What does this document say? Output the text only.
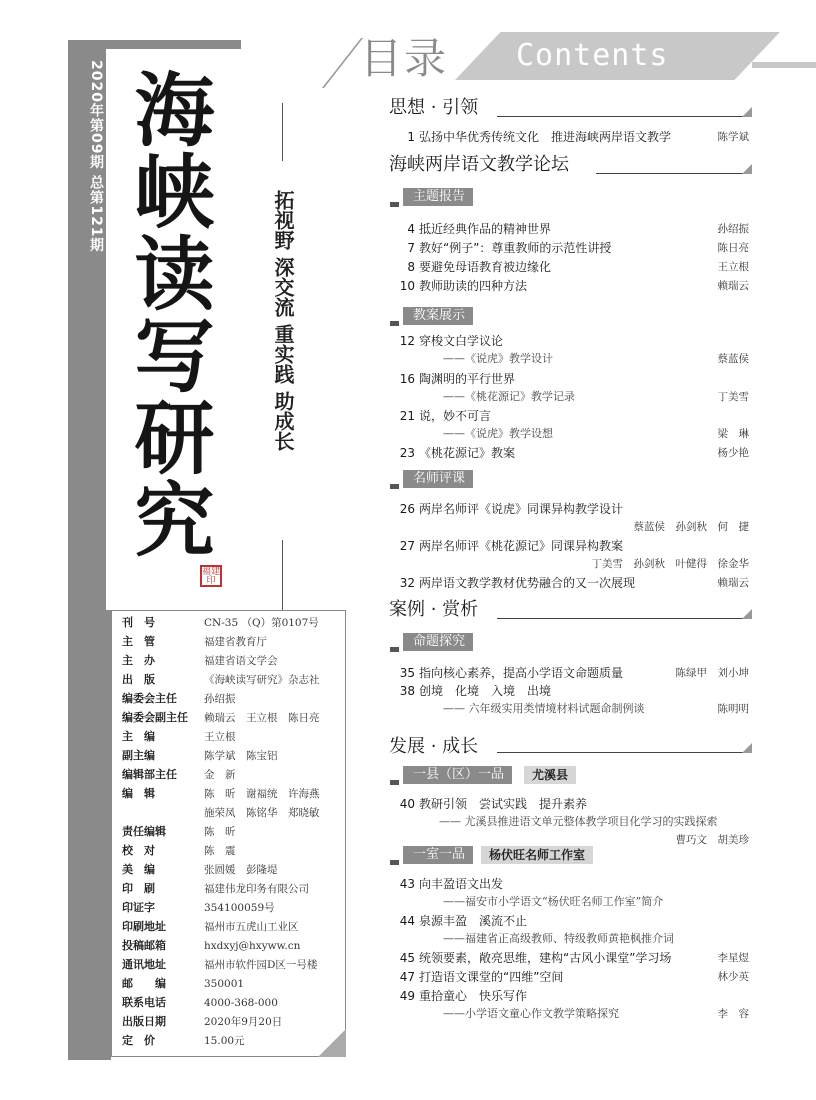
2020年第09期 总第121期 海峡读写研究
福建 印
拓视野 深交流 重实践 助成长
刊　号	CN-35 （Q）第0107号
主　管	福建省教育厅
主　办	福建省语文学会
出　版	《海峡读写研究》杂志社
编委会主任	孙绍振
编委会副主任 赖瑞云　王立根　陈日亮
主　编	王立根
副主编	陈学斌　陈宝铝
编辑部主任	金　新
编　辑	陈　昕　谢福统　许海燕
施荣凤　陈铭华　郑晓敏
责任编辑	陈　昕
校　对	陈　震
美　编	张圆媛　彭隆堤
印　刷	福建伟龙印务有限公司
印证字	354100059号
印刷地址	福州市五虎山工业区
投稿邮箱	hxdxyj@hxyww.cn
通讯地址	福州市软件园D区一号楼
邮　　编	350001
联系电话	4000-368-000
出版日期	2020年9月20日
定　价	15.00元
目录 Contents
思想 · 引领
1 弘扬中华优秀传统文化　推进海峡两岸语文教学	陈学斌
海峡两岸语文教学论坛
主题报告
4 抵近经典作品的精神世界	孙绍振
7 教好“例子”：尊重教师的示范性讲授	陈日亮
8 要避免母语教育被边缘化	王立根
10 教师助读的四种方法	赖瑞云
教案展示
12 穿梭文白学议论
——《说虎》教学设计	蔡蓝侯
16 陶渊明的平行世界
——《桃花源记》教学记录	丁美雪
21 说，妙不可言
——《说虎》教学设想	梁　琳
23 《桃花源记》教案	杨少艳
名师评课
26 两岸名师评《说虎》同课异构教学设计
蔡蓝侯　孙剑秋　何　捷
27 两岸名师评《桃花源记》同课异构教案
丁美雪　孙剑秋　叶健得　徐金华
32 两岸语文教学教材优势融合的又一次展现	赖瑞云
案例 · 赏析
命题探究
35 指向核心素养，提高小学语文命题质量	陈绿甲　刘小坤
38 创境　化境　入境　出境
—— 六年级实用类情境材料试题命制例谈	陈明明
发展 · 成长
一县（区）一品	尤溪县
40 教研引领　尝试实践　提升素养
—— 尤溪县推进语文单元整体教学项目化学习的实践探索
曹巧文　胡美珍
一室一品	杨伏旺名师工作室
43 向丰盈语文出发
——福安市小学语文“杨伏旺名师工作室”简介
44 泉源丰盈　溪流不止
——福建省正高级教师、特级教师黄艳枫推介词
45 统领要素，敞亮思维，建构“古风小课堂”学习场	李星煜
47 打造语文课堂的“四维”空间	林少英
49 重拾童心　快乐写作
——小学语文童心作文教学策略探究	李　容
